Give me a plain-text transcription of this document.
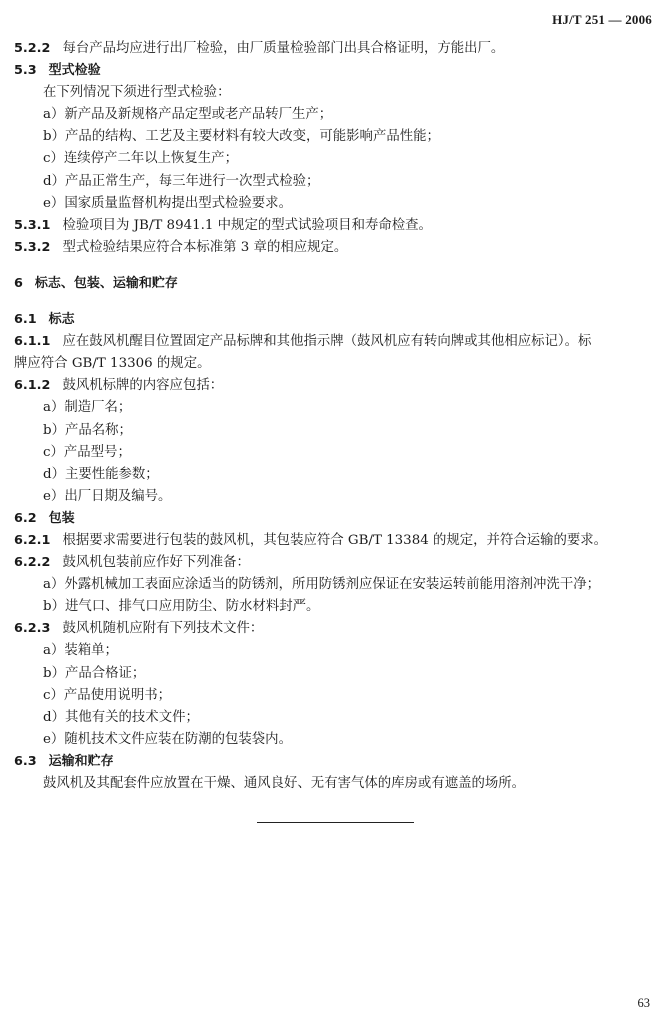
HJ/T 251 — 2006
5.2.2 每台产品均应进行出厂检验，由厂质量检验部门出具合格证明，方能出厂。
5.3 型式检验
在下列情况下须进行型式检验：
a）新产品及新规格产品定型或老产品转厂生产；
b）产品的结构、工艺及主要材料有较大改变，可能影响产品性能；
c）连续停产二年以上恢复生产；
d）产品正常生产，每三年进行一次型式检验；
e）国家质量监督机构提出型式检验要求。
5.3.1 检验项目为 JB/T 8941.1 中规定的型式试验项目和寿命检查。
5.3.2 型式检验结果应符合本标准第 3 章的相应规定。
6 标志、包装、运输和贮存
6.1 标志
6.1.1 应在鼓风机醒目位置固定产品标牌和其他指示牌（鼓风机应有转向牌或其他相应标记）。标
牌应符合 GB/T 13306 的规定。
6.1.2 鼓风机标牌的内容应包括：
a）制造厂名；
b）产品名称；
c）产品型号；
d）主要性能参数；
e）出厂日期及编号。
6.2 包装
6.2.1 根据要求需要进行包装的鼓风机，其包装应符合 GB/T 13384 的规定，并符合运输的要求。
6.2.2 鼓风机包装前应作好下列准备：
a）外露机械加工表面应涂适当的防锈剂，所用防锈剂应保证在安装运转前能用溶剂冲洗干净；
b）进气口、排气口应用防尘、防水材料封严。
6.2.3 鼓风机随机应附有下列技术文件：
a）装箱单；
b）产品合格证；
c）产品使用说明书；
d）其他有关的技术文件；
e）随机技术文件应装在防潮的包装袋内。
6.3 运输和贮存
鼓风机及其配套件应放置在干燥、通风良好、无有害气体的库房或有遮盖的场所。
63
